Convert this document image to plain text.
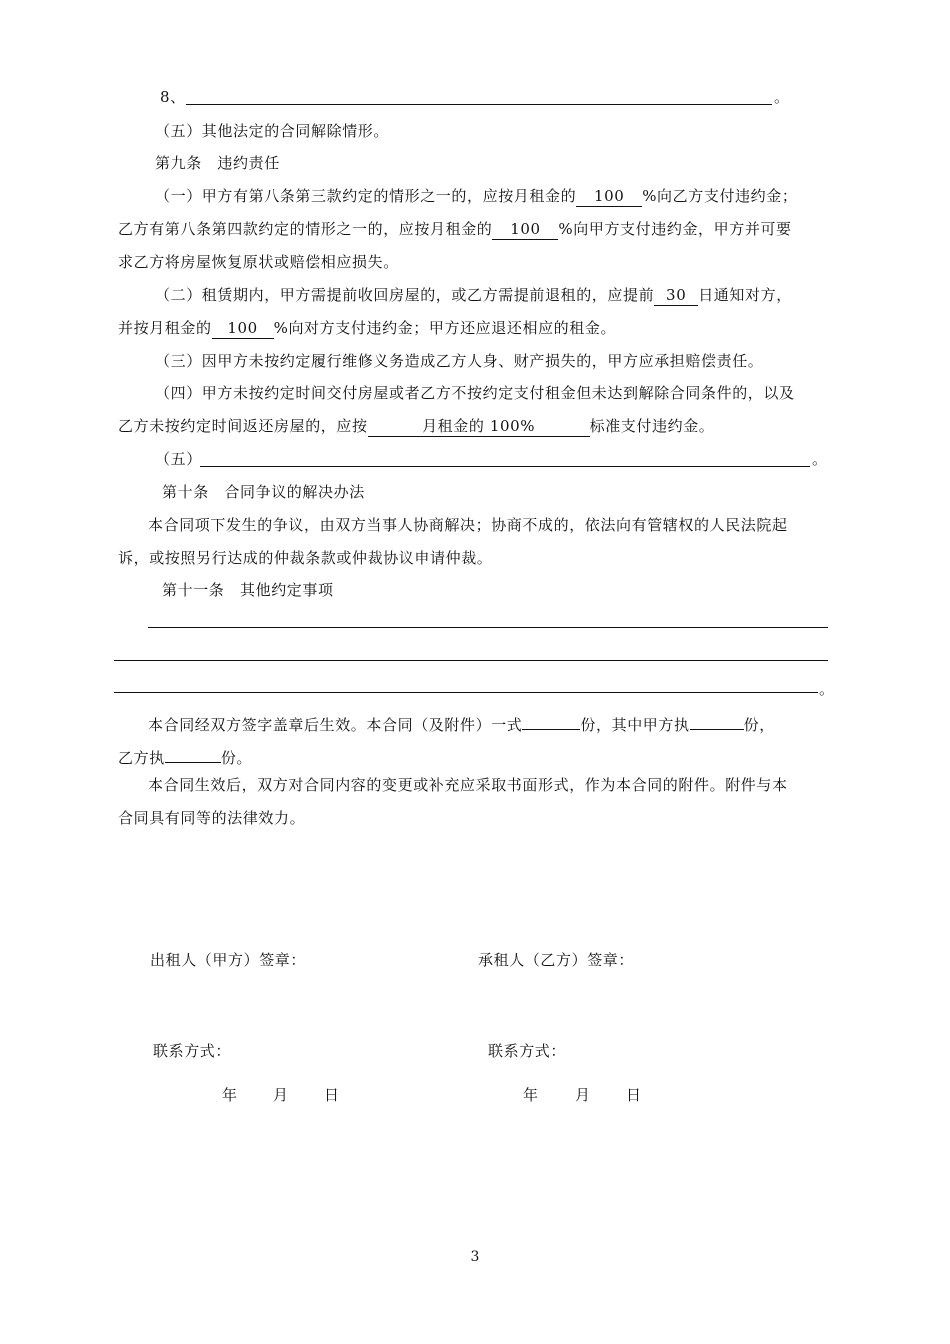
8、	。
（五）其他法定的合同解除情形。
第九条　违约责任
（一）甲方有第八条第三款约定的情形之一的，应按月租金的 100 %向乙方支付违约金；
乙方有第八条第四款约定的情形之一的，应按月租金的 100 %向甲方支付违约金，甲方并可要
求乙方将房屋恢复原状或赔偿相应损失。
（二）租赁期内，甲方需提前收回房屋的，或乙方需提前退租的，应提前 30 日通知对方，
并按月租金的 100 %向对方支付违约金；甲方还应退还相应的租金。
（三）因甲方未按约定履行维修义务造成乙方人身、财产损失的，甲方应承担赔偿责任。
（四）甲方未按约定时间交付房屋或者乙方不按约定支付租金但未达到解除合同条件的，以及
乙方未按约定时间返还房屋的，应按	月租金的 100%	标准支付违约金。
（五）	。
第十条　合同争议的解决办法
本合同项下发生的争议，由双方当事人协商解决；协商不成的，依法向有管辖权的人民法院起
诉，或按照另行达成的仲裁条款或仲裁协议申请仲裁。
第十一条　其他约定事项
。
本合同经双方签字盖章后生效。本合同（及附件）一式	份，其中甲方执	份，
乙方执	份。
本合同生效后，双方对合同内容的变更或补充应采取书面形式，作为本合同的附件。附件与本
合同具有同等的法律效力。
出租人（甲方）签章：	承租人（乙方）签章：
联系方式：	联系方式：
年 月 日	年 月 日
3
